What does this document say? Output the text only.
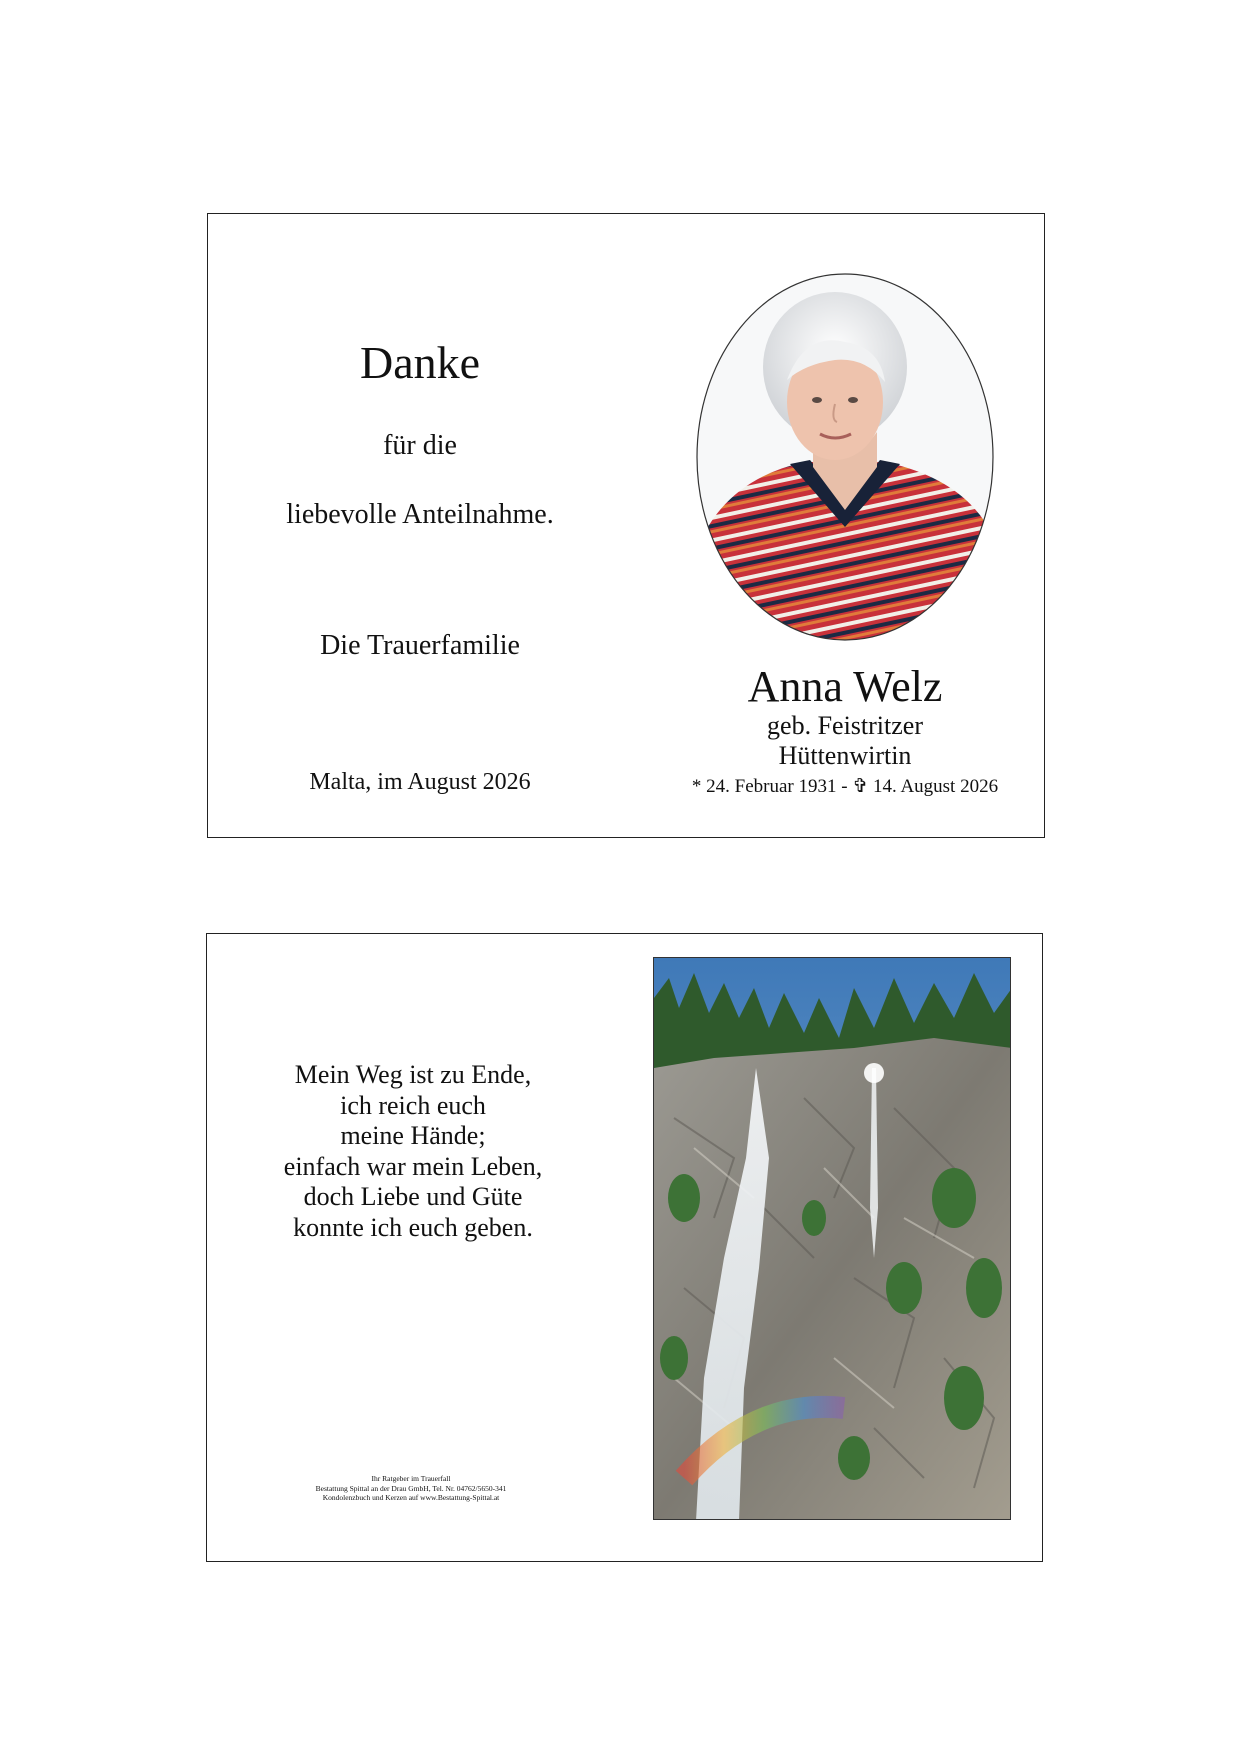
Danke
für die
liebevolle Anteilnahme.
Die Trauerfamilie
Malta, im August 2026
Anna Welz
geb. Feistritzer
Hüttenwirtin
* 24. Februar 1931 - ✞ 14. August 2026
Mein Weg ist zu Ende,
ich reich euch
meine Hände;
einfach war mein Leben,
doch Liebe und Güte
konnte ich euch geben.
Ihr Ratgeber im Trauerfall
Bestattung Spittal an der Drau GmbH, Tel. Nr. 04762/5650-341
Kondolenzbuch und Kerzen auf www.Bestattung-Spittal.at
